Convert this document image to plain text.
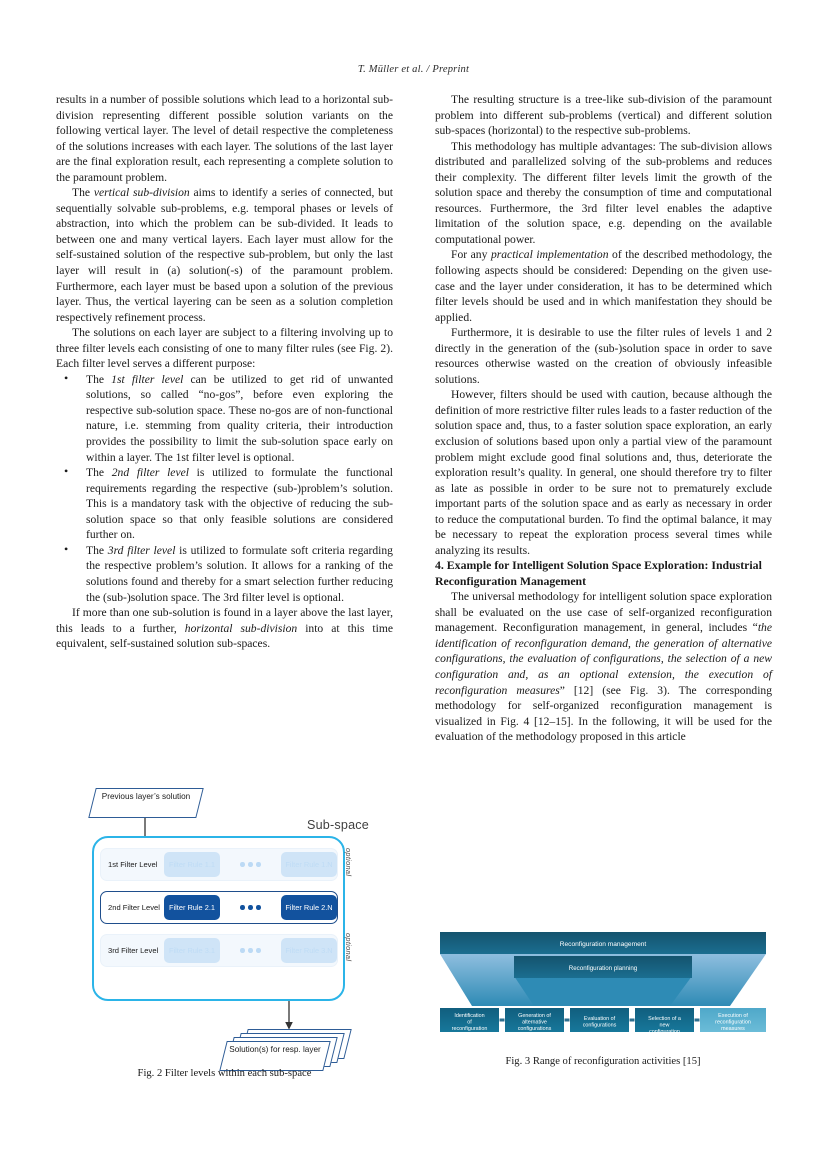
T. Müller et al. / Preprint

results in a number of possible solutions which lead to a horizontal sub-division representing different possible solution variants on the following vertical layer. The level of detail respective the completeness of the solutions increases with each layer. The solutions of the last layer are the final exploration result, each representing a complete solution to the paramount problem.

The vertical sub-division aims to identify a series of connected, but sequentially solvable sub-problems, e.g. temporal phases or levels of abstraction, into which the problem can be sub-divided. It leads to between one and many vertical layers. Each layer must allow for the self-sustained solution of the respective sub-problem, but only the last layer will result in (a) solution(-s) of the paramount problem. Furthermore, each layer must be based upon a solution of the previous layer. Thus, the vertical layering can be seen as a solution completion respectively refinement process.

The solutions on each layer are subject to a filtering involving up to three filter levels each consisting of one to many filter rules (see Fig. 2). Each filter level serves a different purpose:

• The 1st filter level can be utilized to get rid of unwanted solutions, so called “no-gos”, before even exploring the respective sub-solution space. These no-gos are of non-functional nature, i.e. stemming from quality criteria, their introduction provides the possibility to limit the sub-solution space early on within a layer. The 1st filter level is optional.
• The 2nd filter level is utilized to formulate the functional requirements regarding the respective (sub-)problem’s solution. This is a mandatory task with the objective of reducing the sub-solution space so that only feasible solutions are considered further on.
• The 3rd filter level is utilized to formulate soft criteria regarding the respective problem’s solution. It allows for a ranking of the solutions found and thereby for a smart selection further reducing the (sub-)solution space. The 3rd filter level is optional.

If more than one sub-solution is found in a layer above the last layer, this leads to a further, horizontal sub-division into at this time equivalent, self-sustained solution sub-spaces.

The resulting structure is a tree-like sub-division of the paramount problem into different sub-problems (vertical) and different solution sub-spaces (horizontal) to the respective sub-problems.

This methodology has multiple advantages: The sub-division allows distributed and parallelized solving of the sub-problems and reduces their complexity. The different filter levels limit the growth of the solution space and thereby the consumption of time and computational resources. Furthermore, the 3rd filter level enables the adaptive limitation of the solution space, e.g. depending on the available computational power.

For any practical implementation of the described methodology, the following aspects should be considered: Depending on the given use-case and the layer under consideration, it has to be determined which filter levels should be used and in which manifestation they should be applied.

Furthermore, it is desirable to use the filter rules of levels 1 and 2 directly in the generation of the (sub-)solution space in order to save resources otherwise wasted on the creation of obviously infeasible solutions.

However, filters should be used with caution, because although the definition of more restrictive filter rules leads to a faster reduction of the solution space and, thus, to a faster solution space exploration, an early exclusion of solutions based upon only a partial view of the paramount problem might exclude good final solutions and, thus, deteriorate the exploration result’s quality. In general, one should therefore try to filter as late as possible in order to be sure not to prematurely exclude important parts of the solution space and as early as necessary in order to reduce the computational burden. To find the optimal balance, it may be necessary to repeat the exploration process several times while analyzing its results.

4. Example for Intelligent Solution Space Exploration: Industrial Reconfiguration Management

The universal methodology for intelligent solution space exploration shall be evaluated on the use case of self-organized reconfiguration management. Reconfiguration management, in general, includes “the identification of reconfiguration demand, the generation of alternative configurations, the evaluation of configurations, the selection of a new configuration and, as an optional extension, the execution of reconfiguration measures” [12] (see Fig. 3). The corresponding methodology for self-organized reconfiguration management is visualized in Fig. 4 [12–15]. In the following, it will be used for the evaluation of the methodology proposed in this article

Previous layer’s solution
Sub-space
1st Filter Level	Filter Rule 1.1	Filter Rule 1.N	optional
2nd Filter Level	Filter Rule 2.1	Filter Rule 2.N
3rd Filter Level	Filter Rule 3.1	Filter Rule 3.N	optional
Solution(s) for resp. layer
Fig. 2 Filter levels within each sub-space
Reconfiguration management
Reconfiguration planning
Identification of reconfiguration demand
Generation of alternative configurations
Evaluation of configurations
Selection of a new configuration
Execution of reconfiguration measures (optional)
Fig. 3 Range of reconfiguration activities [15]
